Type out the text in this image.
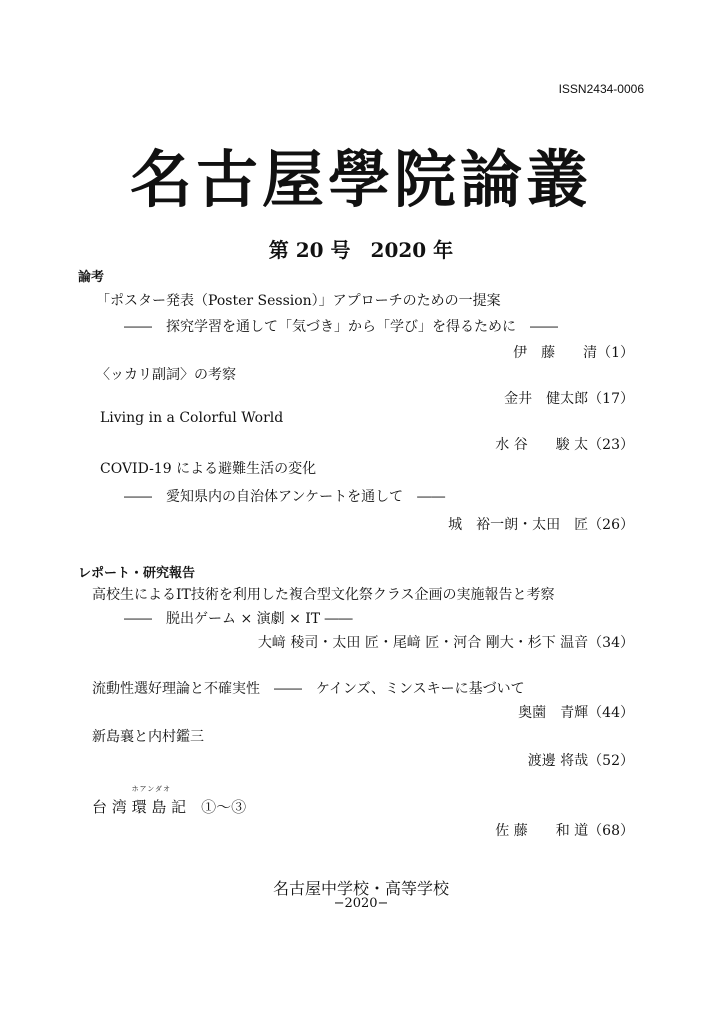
ISSN2434-0006
名古屋學院論叢
第 20 号　2020 年
論考
「ポスター発表（Poster Session）」アプローチのための一提案
――　探究学習を通して「気づき」から「学び」を得るために　――
伊　藤　　清（1）
〈ッカリ副詞〉の考察
金井　健太郎（17）
Living in a Colorful World
水 谷　　駿 太（23）
COVID-19 による避難生活の変化
――　愛知県内の自治体アンケートを通して　――
城　裕一朗・太田　匠（26）
レポート・研究報告
高校生によるIT技術を利用した複合型文化祭クラス企画の実施報告と考察
――　脱出ゲーム × 演劇 × IT ――
大﨑 稜司・太田 匠・尾﨑 匠・河合 剛大・杉下 温音（34）
流動性選好理論と不確実性　――　ケインズ、ミンスキーに基づいて
奥薗　青輝（44）
新島襄と内村鑑三
渡邊 将哉（52）
台 湾
ホアンダオ
環 島 記　①〜③
佐 藤　　和 道（68）
名古屋中学校・高等学校
−2020−
